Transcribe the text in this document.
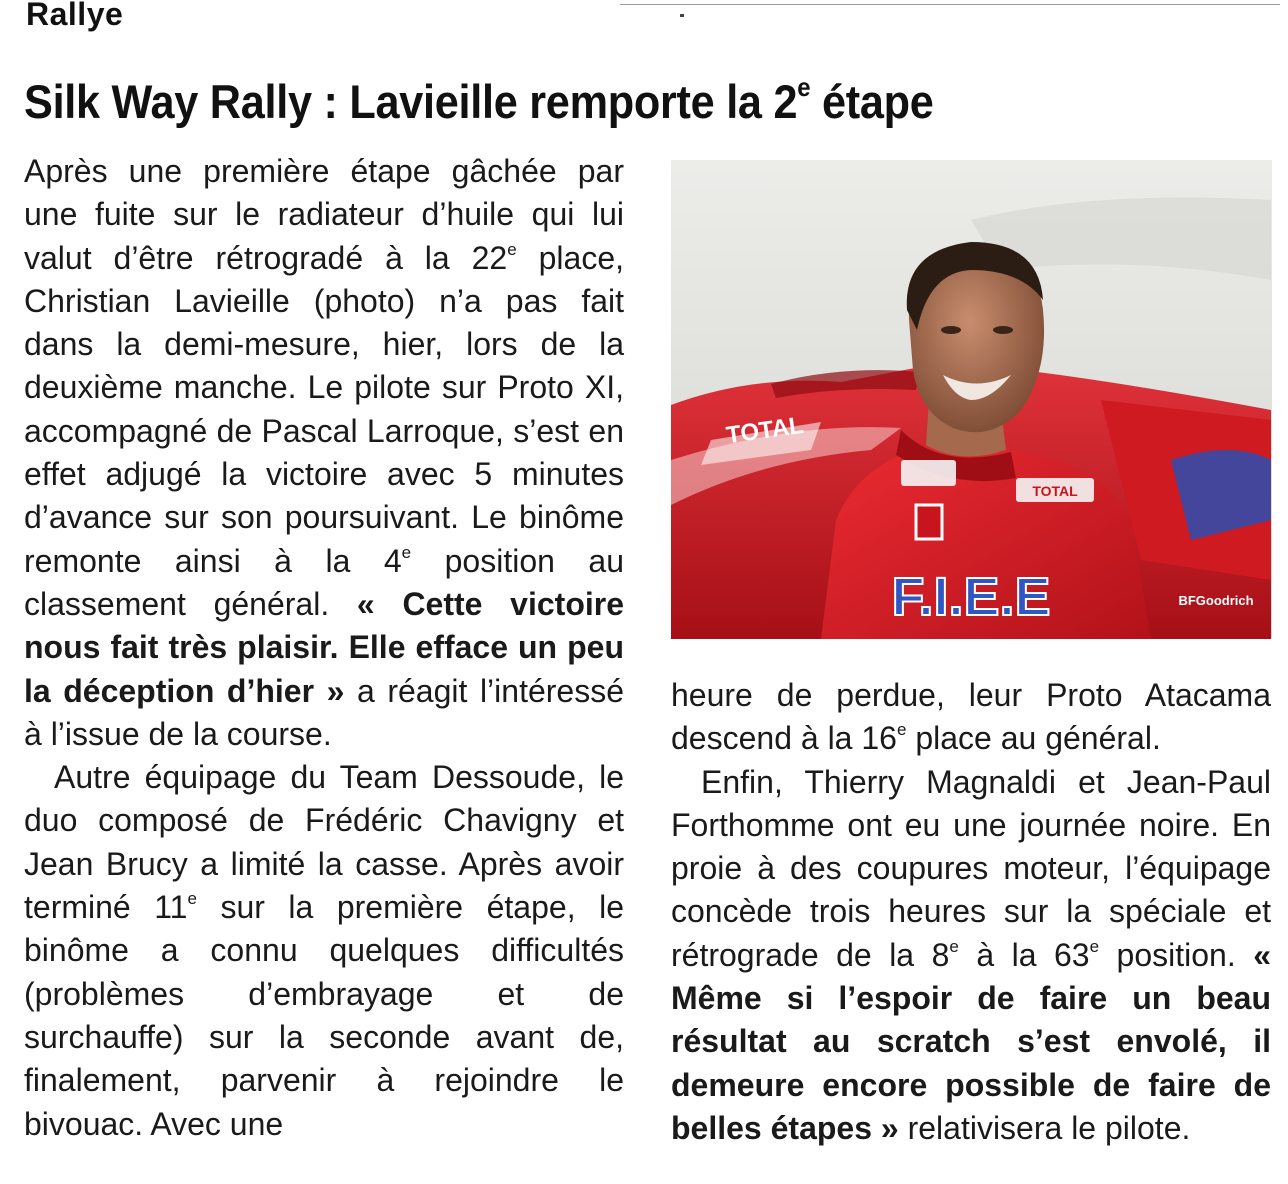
Rallye
Silk Way Rally : Lavieille remporte la 2e étape

Après une première étape gâchée par une fuite sur le radiateur d’huile qui lui valut d’être rétrogradé à la 22e place, Christian Lavieille (photo) n’a pas fait dans la demi-mesure, hier, lors de la deuxième manche. Le pilote sur Proto XI, accompagné de Pascal Larroque, s’est en effet adjugé la victoire avec 5 minutes d’avance sur son poursuivant. Le binôme remonte ainsi à la 4e position au classement général. « Cette victoire nous fait très plaisir. Elle efface un peu la déception d’hier » a réagit l’intéressé à l’issue de la course.

Autre équipage du Team Dessoude, le duo composé de Frédéric Chavigny et Jean Brucy a limité la casse. Après avoir terminé 11e sur la première étape, le binôme a connu quelques difficultés (problèmes d’embrayage et de surchauffe) sur la seconde avant de, finalement, parvenir à rejoindre le bivouac. Avec une

TOTAL
F.I.E.E
TOTAL
BFGoodrich

heure de perdue, leur Proto Atacama descend à la 16e place au général.

Enfin, Thierry Magnaldi et Jean-Paul Forthomme ont eu une journée noire. En proie à des coupures moteur, l’équipage concède trois heures sur la spéciale et rétrograde de la 8e à la 63e position. « Même si l’espoir de faire un beau résultat au scratch s’est envolé, il demeure encore possible de faire de belles étapes » relativisera le pilote.
